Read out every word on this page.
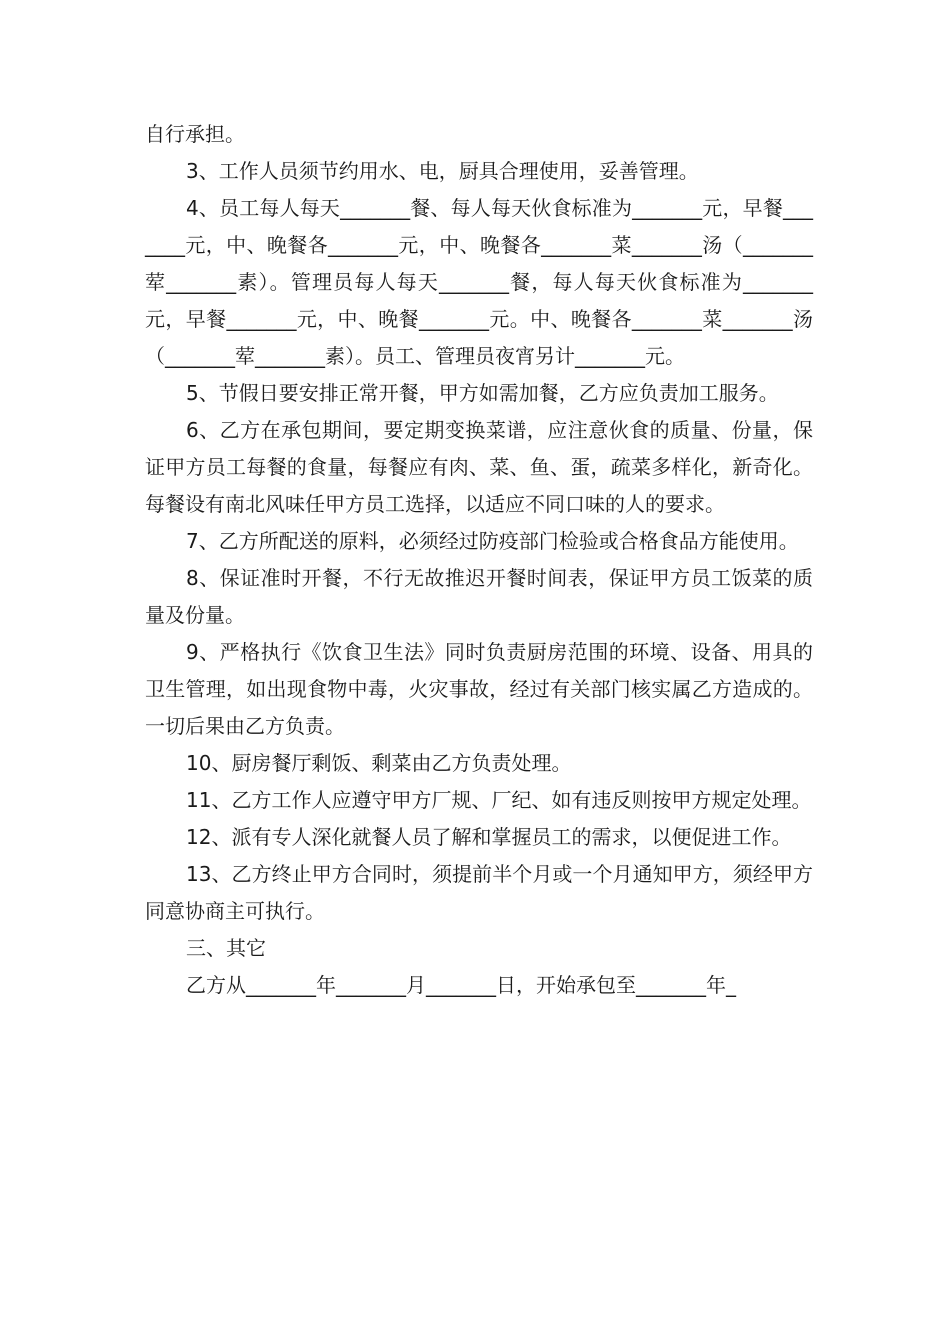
自行承担。

3、工作人员须节约用水、电，厨具合理使用，妥善管理。

4、员工每人每天_______餐、每人每天伙食标准为_______元，早餐_______元，中、晚餐各_______元，中、晚餐各_______菜_______汤（_______荤_______素）。管理员每人每天_______餐，每人每天伙食标准为_______元，早餐_______元，中、晚餐_______元。中、晚餐各_______菜_______汤（_______荤_______素）。员工、管理员夜宵另计_______元。

5、节假日要安排正常开餐，甲方如需加餐，乙方应负责加工服务。

6、乙方在承包期间，要定期变换菜谱，应注意伙食的质量、份量，保证甲方员工每餐的食量，每餐应有肉、菜、鱼、蛋，疏菜多样化，新奇化。每餐设有南北风味任甲方员工选择，以适应不同口味的人的要求。

7、乙方所配送的原料，必须经过防疫部门检验或合格食品方能使用。

8、保证准时开餐，不行无故推迟开餐时间表，保证甲方员工饭菜的质量及份量。

9、严格执行《饮食卫生法》同时负责厨房范围的环境、设备、用具的卫生管理，如出现食物中毒，火灾事故，经过有关部门核实属乙方造成的。一切后果由乙方负责。

10、厨房餐厅剩饭、剩菜由乙方负责处理。

11、乙方工作人应遵守甲方厂规、厂纪、如有违反则按甲方规定处理。

12、派有专人深化就餐人员了解和掌握员工的需求，以便促进工作。

13、乙方终止甲方合同时，须提前半个月或一个月通知甲方，须经甲方同意协商主可执行。

三、其它

乙方从_______年_______月_______日，开始承包至_______年_
